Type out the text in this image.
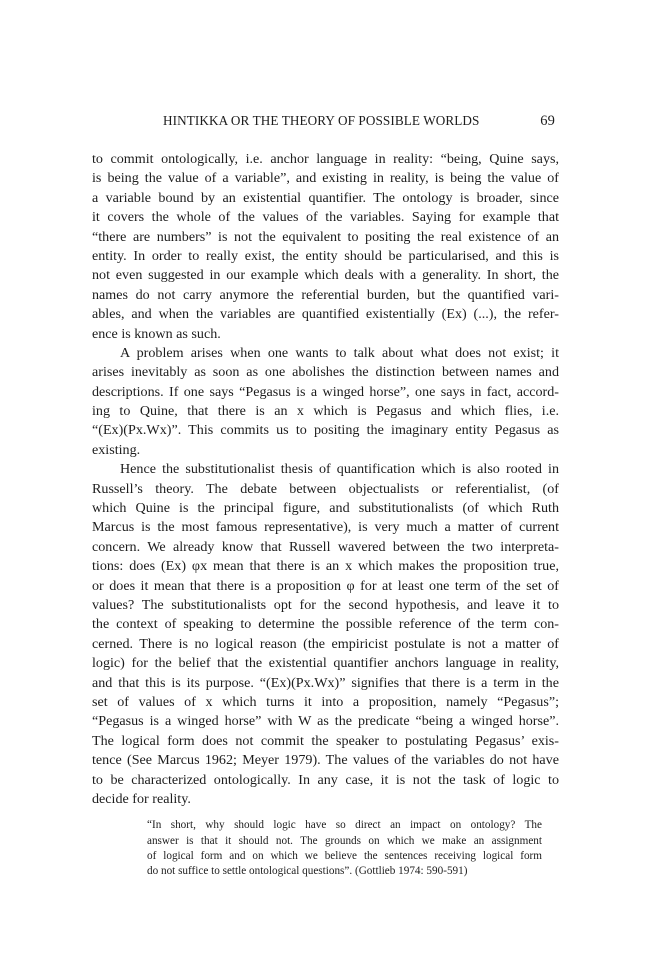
HINTIKKA OR THE THEORY OF POSSIBLE WORLDS	69
to commit ontologically, i.e. anchor language in reality: “being, Quine says,
is being the value of a variable”, and existing in reality, is being the value of
a variable bound by an existential quantifier. The ontology is broader, since
it covers the whole of the values of the variables. Saying for example that
“there are numbers” is not the equivalent to positing the real existence of an
entity. In order to really exist, the entity should be particularised, and this is
not even suggested in our example which deals with a generality. In short, the
names do not carry anymore the referential burden, but the quantified vari-
ables, and when the variables are quantified existentially (Ex) (...), the refer-
ence is known as such.
A problem arises when one wants to talk about what does not exist; it
arises inevitably as soon as one abolishes the distinction between names and
descriptions. If one says “Pegasus is a winged horse”, one says in fact, accord-
ing to Quine, that there is an x which is Pegasus and which flies, i.e.
“(Ex)(Px.Wx)”. This commits us to positing the imaginary entity Pegasus as
existing.
Hence the substitutionalist thesis of quantification which is also rooted in
Russell’s theory. The debate between objectualists or referentialist, (of
which Quine is the principal figure, and substitutionalists (of which Ruth
Marcus is the most famous representative), is very much a matter of current
concern. We already know that Russell wavered between the two interpreta-
tions: does (Ex) φx mean that there is an x which makes the proposition true,
or does it mean that there is a proposition φ for at least one term of the set of
values? The substitutionalists opt for the second hypothesis, and leave it to
the context of speaking to determine the possible reference of the term con-
cerned. There is no logical reason (the empiricist postulate is not a matter of
logic) for the belief that the existential quantifier anchors language in reality,
and that this is its purpose. “(Ex)(Px.Wx)” signifies that there is a term in the
set of values of x which turns it into a proposition, namely “Pegasus”;
“Pegasus is a winged horse” with W as the predicate “being a winged horse”.
The logical form does not commit the speaker to postulating Pegasus’ exis-
tence (See Marcus 1962; Meyer 1979). The values of the variables do not have
to be characterized ontologically. In any case, it is not the task of logic to
decide for reality.
“In short, why should logic have so direct an impact on ontology? The
answer is that it should not. The grounds on which we make an assignment
of logical form and on which we believe the sentences receiving logical form
do not suffice to settle ontological questions”. (Gottlieb 1974: 590-591)
